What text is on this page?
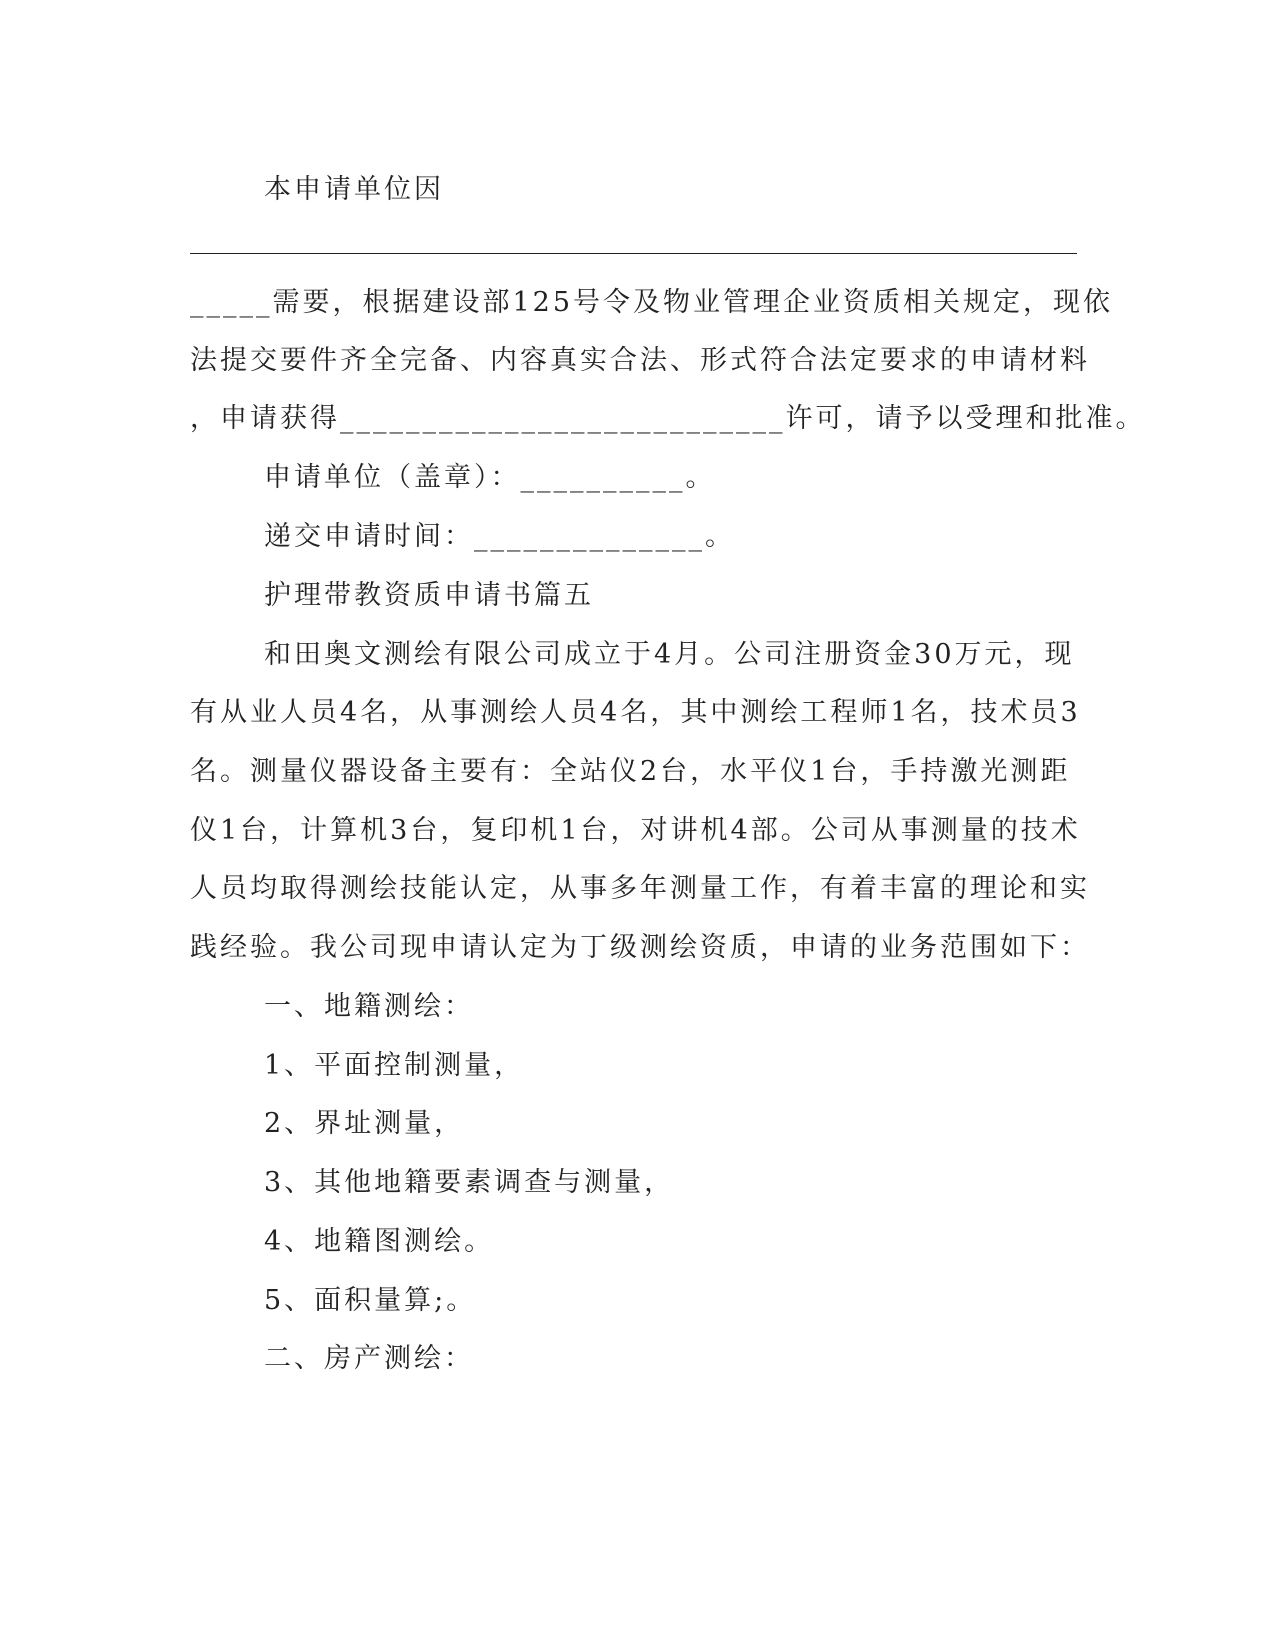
本申请单位因
_____需要，根据建设部125号令及物业管理企业资质相关规定，现依
法提交要件齐全完备、内容真实合法、形式符合法定要求的申请材料
，申请获得___________________________许可，请予以受理和批准。
申请单位（盖章）：__________。
递交申请时间：______________。
护理带教资质申请书篇五
和田奥文测绘有限公司成立于4月。公司注册资金30万元，现
有从业人员4名，从事测绘人员4名，其中测绘工程师1名，技术员3
名。测量仪器设备主要有：全站仪2台，水平仪1台，手持激光测距
仪1台，计算机3台，复印机1台，对讲机4部。公司从事测量的技术
人员均取得测绘技能认定，从事多年测量工作，有着丰富的理论和实
践经验。我公司现申请认定为丁级测绘资质，申请的业务范围如下：
一、地籍测绘：
1、平面控制测量，
2、界址测量，
3、其他地籍要素调查与测量，
4、地籍图测绘。
5、面积量算;。
二、房产测绘：
